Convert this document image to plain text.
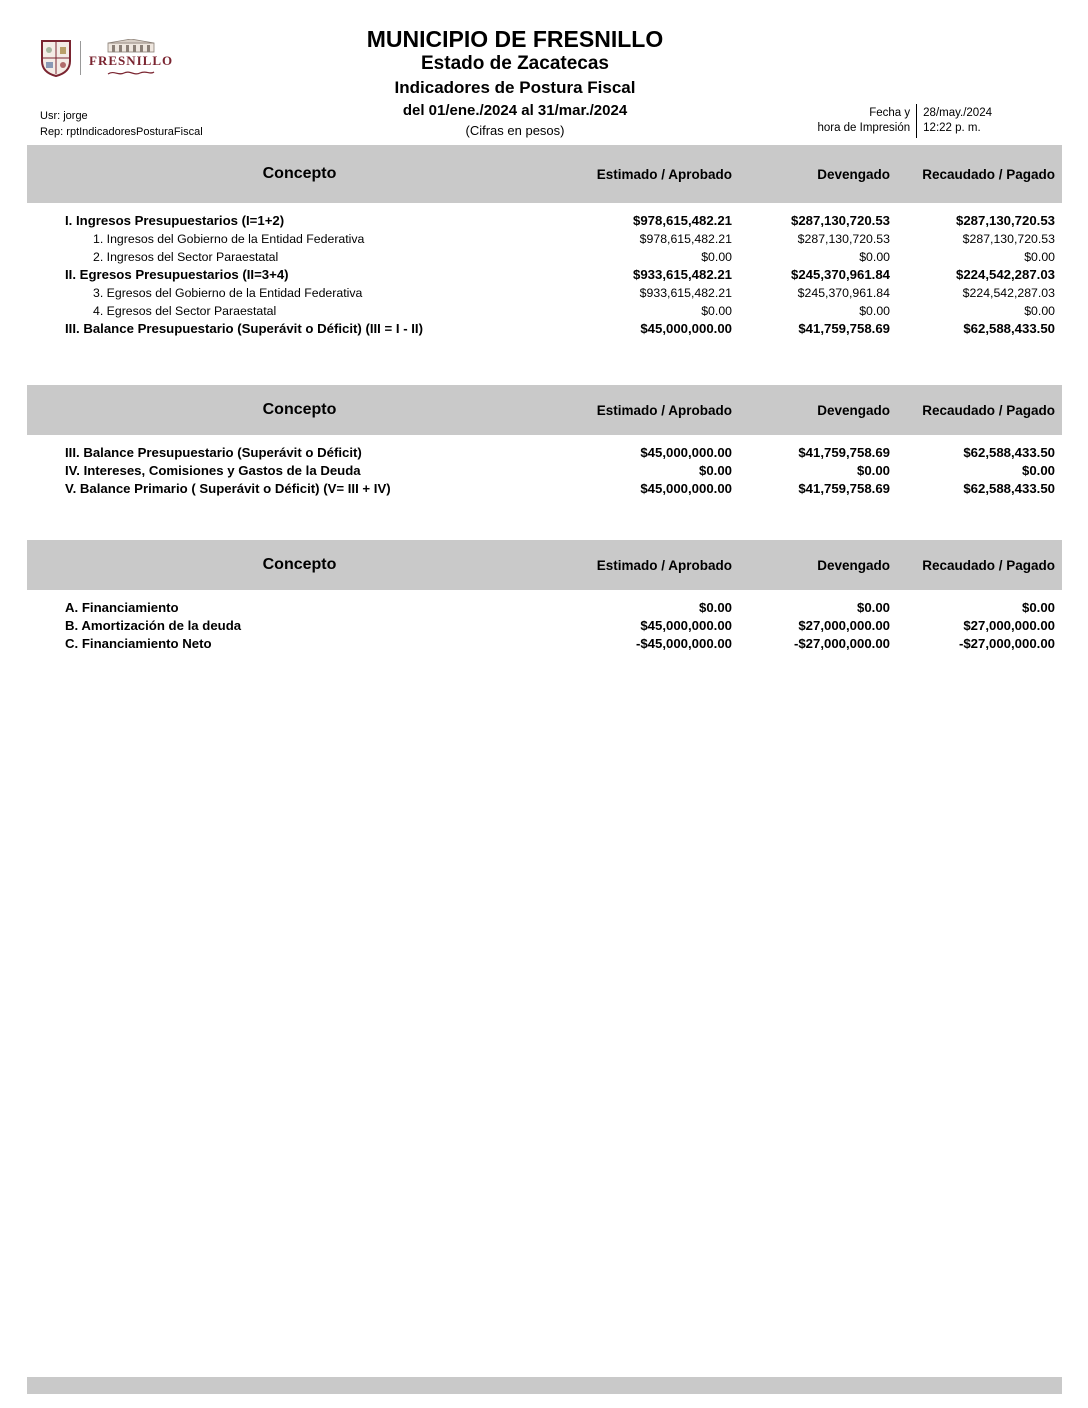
FRESNILLO
MUNICIPIO DE FRESNILLO
Estado de Zacatecas
Indicadores de Postura Fiscal
del 01/ene./2024 al 31/mar./2024
(Cifras en pesos)
Usr: jorge
Rep: rptIndicadoresPosturaFiscal
Fecha y
hora de Impresión
28/may./2024
12:22 p. m.
Concepto	Estimado / Aprobado	Devengado	Recaudado / Pagado
I. Ingresos Presupuestarios (I=1+2)	$978,615,482.21	$287,130,720.53	$287,130,720.53
1. Ingresos del Gobierno de la Entidad Federativa	$978,615,482.21	$287,130,720.53	$287,130,720.53
2. Ingresos del Sector Paraestatal	$0.00	$0.00	$0.00
II. Egresos Presupuestarios (II=3+4)	$933,615,482.21	$245,370,961.84	$224,542,287.03
3. Egresos del Gobierno de la Entidad Federativa	$933,615,482.21	$245,370,961.84	$224,542,287.03
4. Egresos del Sector Paraestatal	$0.00	$0.00	$0.00
III. Balance Presupuestario (Superávit o Déficit) (III = I - II)	$45,000,000.00	$41,759,758.69	$62,588,433.50
Concepto	Estimado / Aprobado	Devengado	Recaudado / Pagado
III. Balance Presupuestario (Superávit o Déficit)	$45,000,000.00	$41,759,758.69	$62,588,433.50
IV. Intereses, Comisiones y Gastos de la Deuda	$0.00	$0.00	$0.00
V. Balance Primario ( Superávit o Déficit) (V= III + IV)	$45,000,000.00	$41,759,758.69	$62,588,433.50
Concepto	Estimado / Aprobado	Devengado	Recaudado / Pagado
A. Financiamiento	$0.00	$0.00	$0.00
B. Amortización de la deuda	$45,000,000.00	$27,000,000.00	$27,000,000.00
C. Financiamiento Neto	-$45,000,000.00	-$27,000,000.00	-$27,000,000.00
